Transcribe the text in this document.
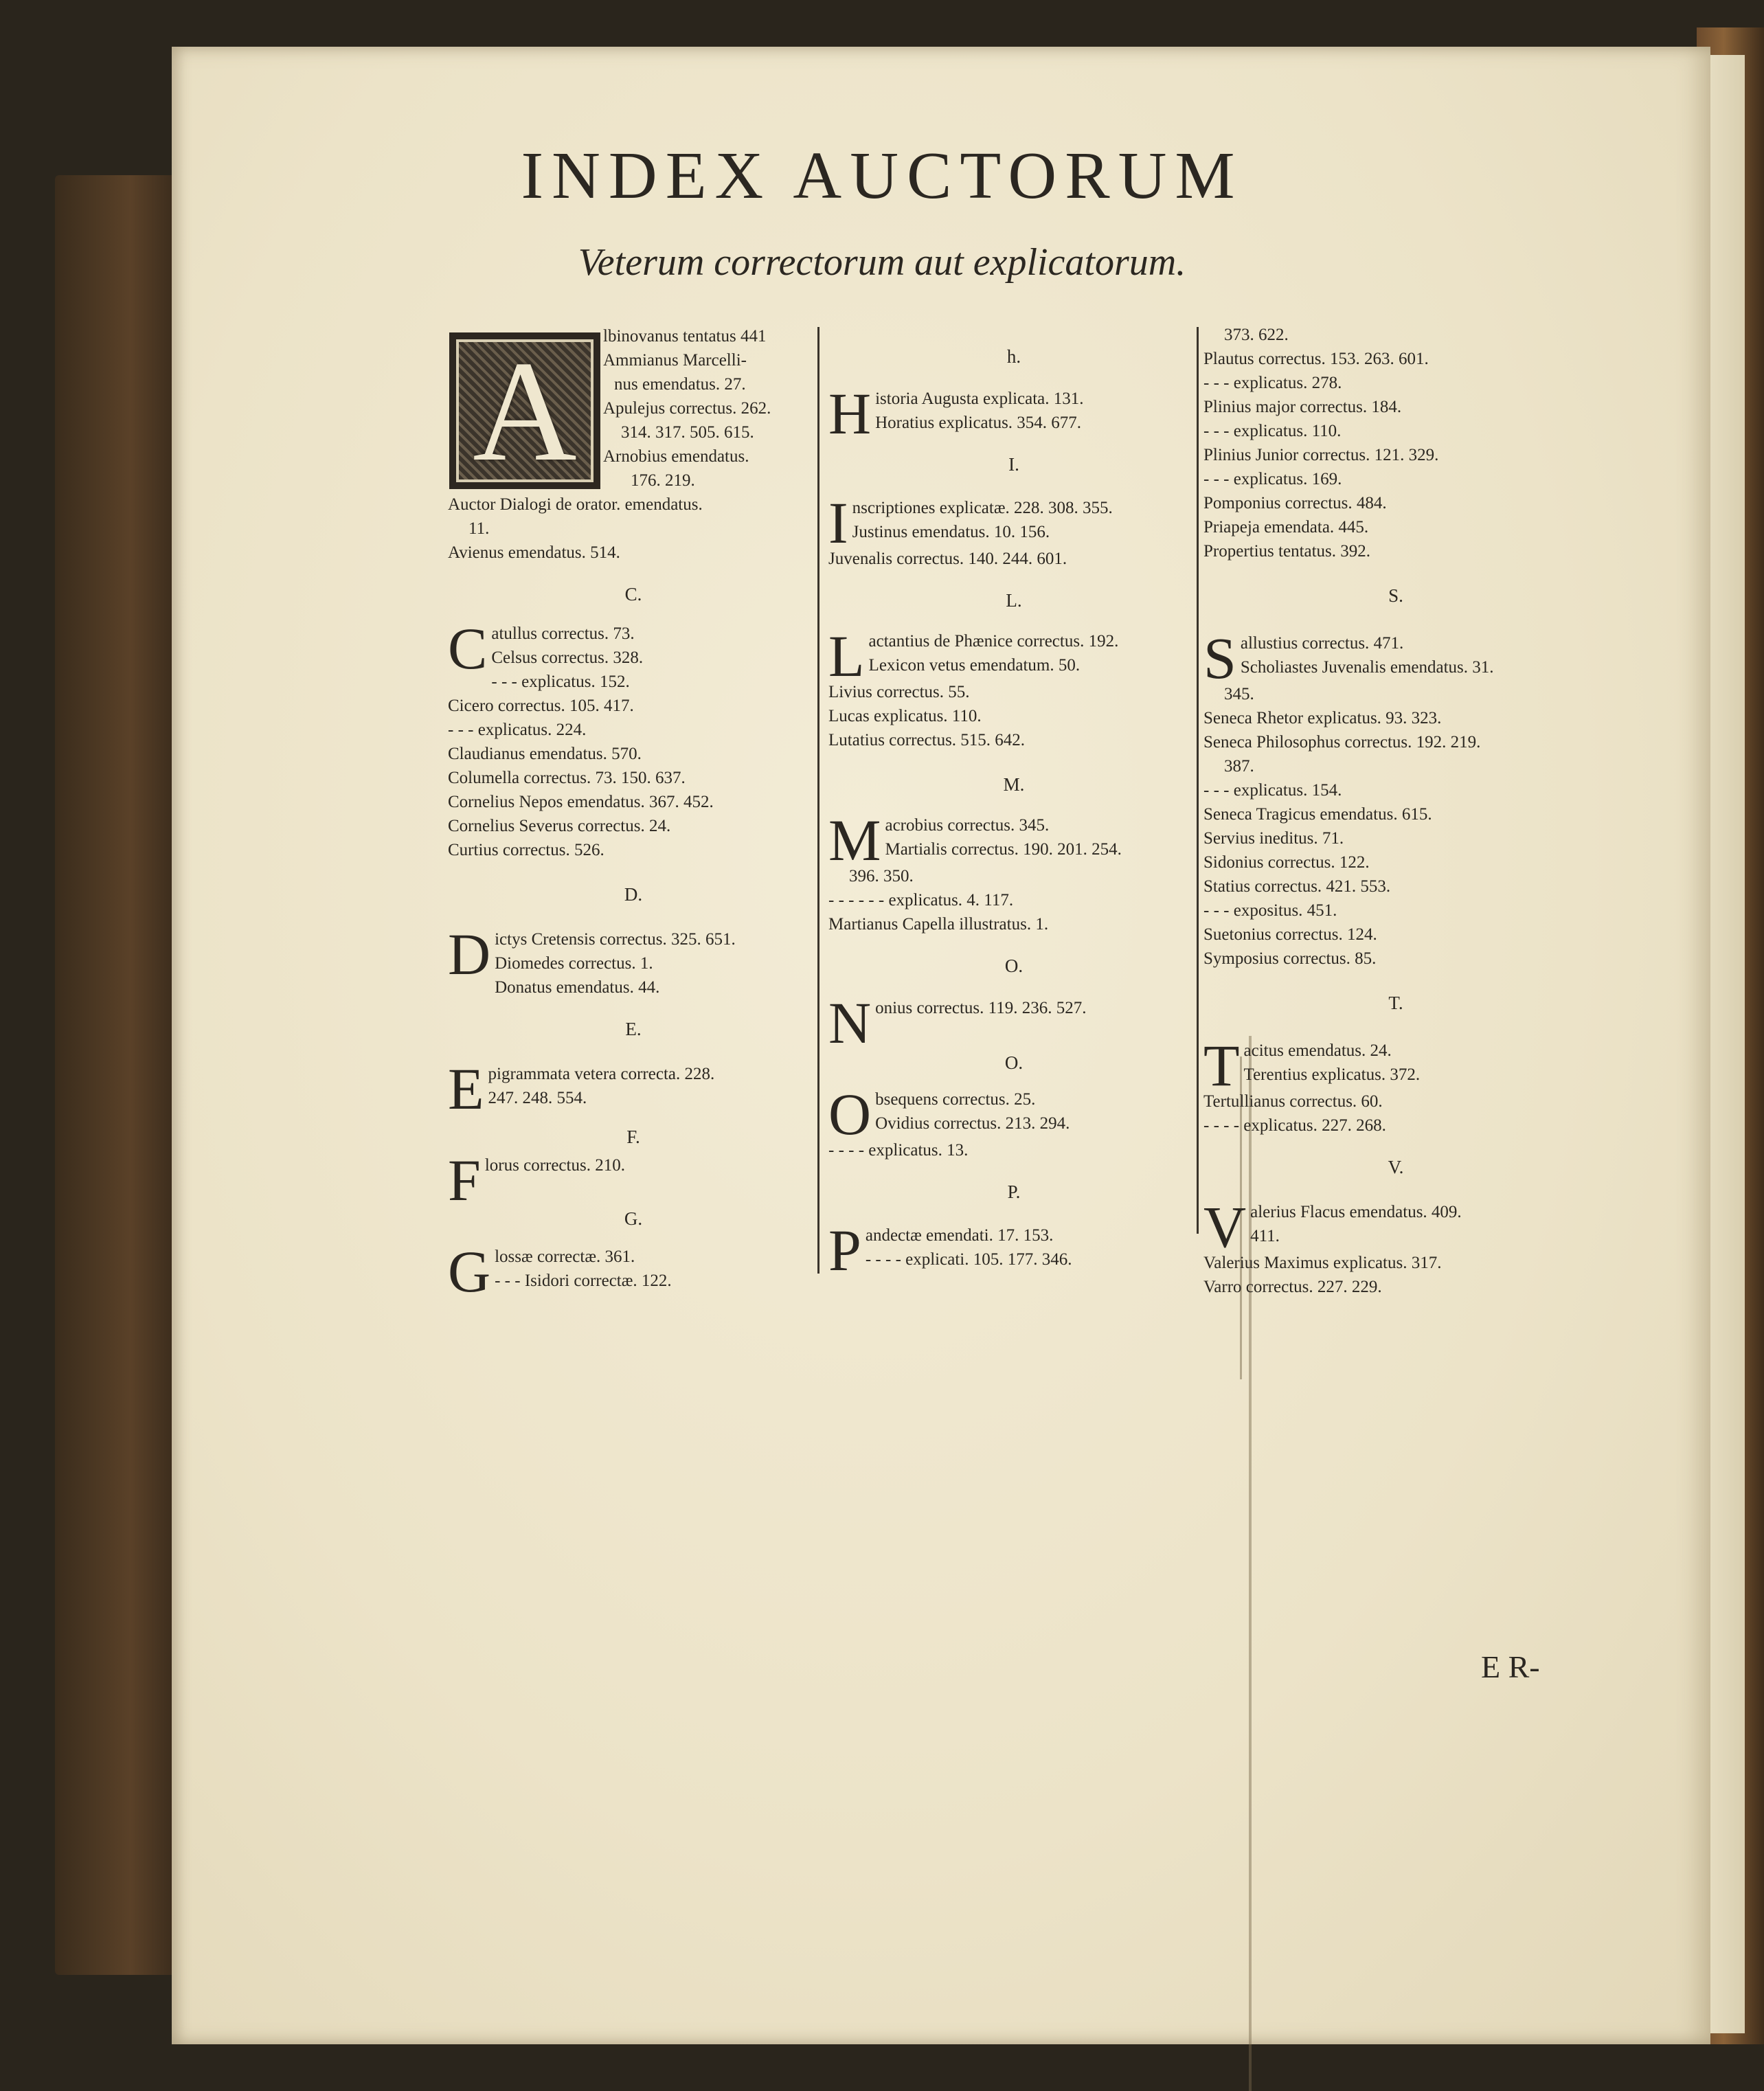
INDEX AUCTORUM
Veterum correctorum aut explicatorum.
A	lbinovanus tentatus 441
Ammianus Marcelli-
nus emendatus. 27.
Apulejus correctus. 262.
314. 317. 505. 615.
Arnobius emendatus.
176. 219.
Auctor Dialogi de orator. emendatus.
11.
Avienus emendatus. 514.
C.
C atullus correctus. 73.
Celsus correctus. 328.
- - - explicatus. 152.
Cicero correctus. 105. 417.
- - - explicatus. 224.
Claudianus emendatus. 570.
Columella correctus. 73. 150. 637.
Cornelius Nepos emendatus. 367. 452.
Cornelius Severus correctus. 24.
Curtius correctus. 526.
D.
D ictys Cretensis correctus. 325. 651.
Diomedes correctus. 1.
Donatus emendatus. 44.
E.
E pigrammata vetera correcta. 228.
247. 248. 554.
F.
F lorus correctus. 210.
G.
G lossæ correctæ. 361.
- - - Isidori correctæ. 122.
h.
H istoria Augusta explicata. 131.
Horatius explicatus. 354. 677.
I.
I nscriptiones explicatæ. 228. 308. 355.
Justinus emendatus. 10. 156.
Juvenalis correctus. 140. 244. 601.
L.
L actantius de Phænice correctus. 192.
Lexicon vetus emendatum. 50.
Livius correctus. 55.
Lucas explicatus. 110.
Lutatius correctus. 515. 642.
M.
M acrobius correctus. 345.
Martialis correctus. 190. 201. 254.
396. 350.
- - - - - - explicatus. 4. 117.
Martianus Capella illustratus. 1.
O.
N onius correctus. 119. 236. 527.
O.
O bsequens correctus. 25.
Ovidius correctus. 213. 294.
- - - - explicatus. 13.
P.
P andectæ emendati. 17. 153.
- - - - explicati. 105. 177. 346.
373. 622.
Plautus correctus. 153. 263. 601.
- - - explicatus. 278.
Plinius major correctus. 184.
- - - explicatus. 110.
Plinius Junior correctus. 121. 329.
- - - explicatus. 169.
Pomponius correctus. 484.
Priapeja emendata. 445.
Propertius tentatus. 392.
S.
S allustius correctus. 471.
Scholiastes Juvenalis emendatus. 31.
345.
Seneca Rhetor explicatus. 93. 323.
Seneca Philosophus correctus. 192. 219.
387.
- - - explicatus. 154.
Seneca Tragicus emendatus. 615.
Servius ineditus. 71.
Sidonius correctus. 122.
Statius correctus. 421. 553.
- - - expositus. 451.
Suetonius correctus. 124.
Symposius correctus. 85.
T.
T acitus emendatus. 24.
Terentius explicatus. 372.
Tertullianus correctus. 60.
- - - - explicatus. 227. 268.
V.
V alerius Flacus emendatus. 409.
411.
Valerius Maximus explicatus. 317.
Varro correctus. 227. 229.
E R-
